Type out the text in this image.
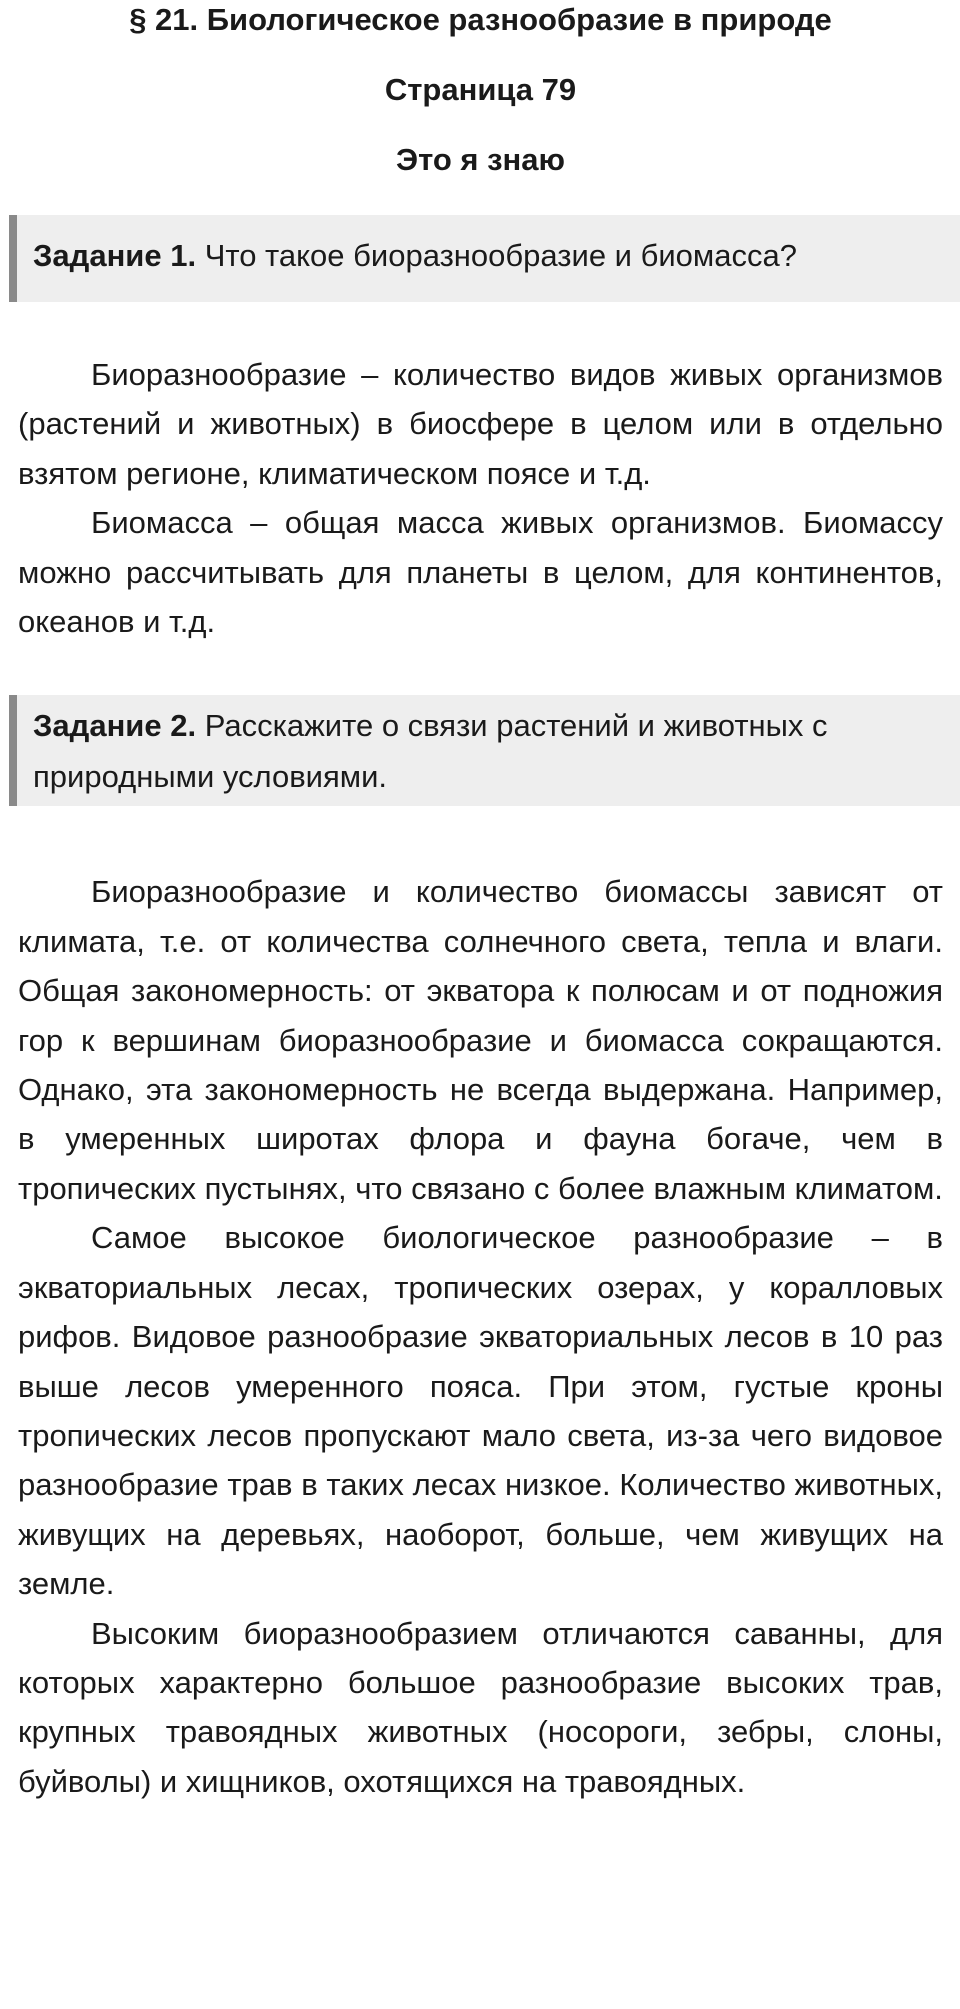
§ 21. Биологическое разнообразие в природе
Страница 79
Это я знаю
Задание 1. Что такое биоразнообразие и биомасса?

Биоразнообразие – количество видов живых организмов (растений и животных) в биосфере в целом или в отдельно взятом регионе, климатическом поясе и т.д.

Биомасса – общая масса живых организмов. Биомассу можно рассчитывать для планеты в целом, для континентов, океанов и т.д.

Задание 2. Расскажите о связи растений и животных с природными условиями.

Биоразнообразие и количество биомассы зависят от климата, т.е. от количества солнечного света, тепла и влаги. Общая закономерность: от экватора к полюсам и от подножия гор к вершинам биоразнообразие и биомасса сокращаются. Однако, эта закономерность не всегда выдержана. Например, в умеренных широтах флора и фауна богаче, чем в тропических пустынях, что связано с более влажным климатом.

Самое высокое биологическое разнообразие – в экваториальных лесах, тропических озерах, у коралловых рифов. Видовое разнообразие экваториальных лесов в 10 раз выше лесов умеренного пояса. При этом, густые кроны тропических лесов пропускают мало света, из-за чего видовое разнообразие трав в таких лесах низкое. Количество животных, живущих на деревьях, наоборот, больше, чем живущих на земле.

Высоким биоразнообразием отличаются саванны, для которых характерно большое разнообразие высоких трав, крупных травоядных животных (носороги, зебры, слоны, буйволы) и хищников, охотящихся на травоядных.
